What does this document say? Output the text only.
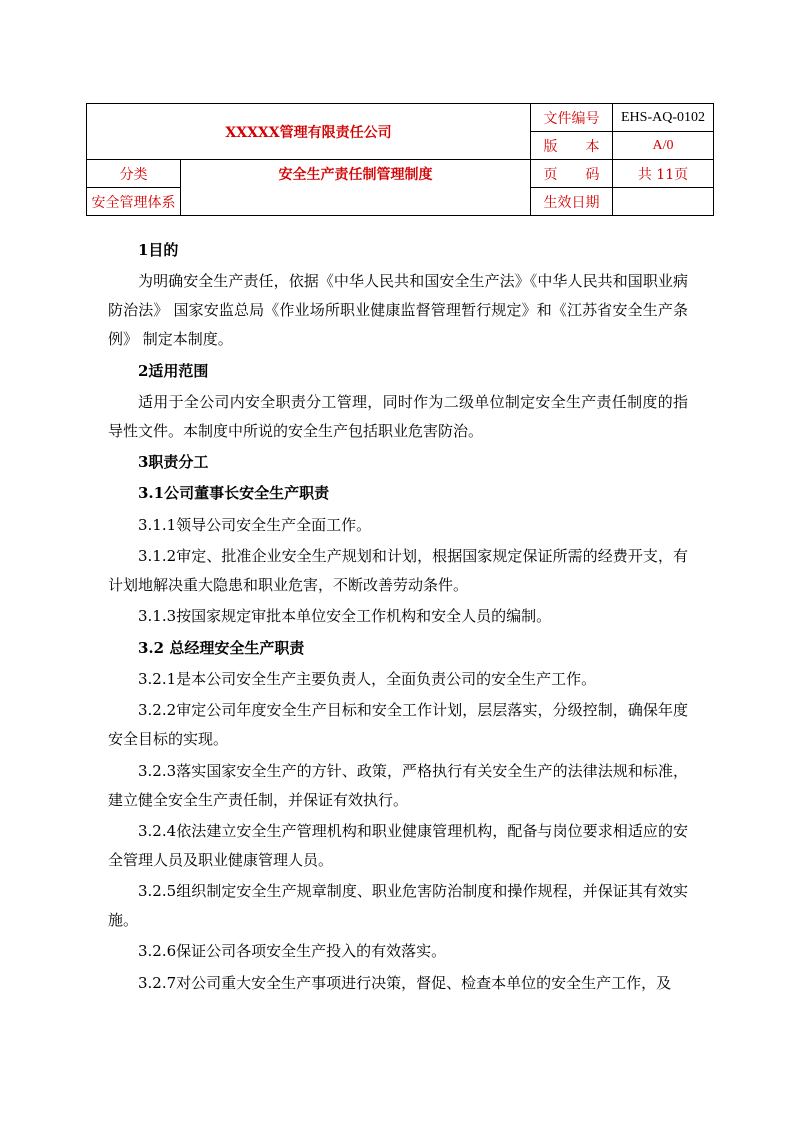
XXXXX管理有限责任公司		文件编号	EHS-AQ-0102
		版　　本	A/0
分类	安全生产责任制管理制度	页　　码	共 11页
安全管理体系		生效日期	

1目的

为明确安全生产责任，依据《中华人民共和国安全生产法》《中华人民共和国职业病防治法》 国家安监总局《作业场所职业健康监督管理暂行规定》和《江苏省安全生产条例》 制定本制度。

2适用范围

适用于全公司内安全职责分工管理，同时作为二级单位制定安全生产责任制度的指导性文件。本制度中所说的安全生产包括职业危害防治。

3职责分工

3.1公司董事长安全生产职责

3.1.1领导公司安全生产全面工作。

3.1.2审定、批准企业安全生产规划和计划，根据国家规定保证所需的经费开支，有计划地解决重大隐患和职业危害，不断改善劳动条件。

3.1.3按国家规定审批本单位安全工作机构和安全人员的编制。

3.2 总经理安全生产职责

3.2.1是本公司安全生产主要负责人，全面负责公司的安全生产工作。

3.2.2审定公司年度安全生产目标和安全工作计划，层层落实，分级控制，确保年度安全目标的实现。

3.2.3落实国家安全生产的方针、政策，严格执行有关安全生产的法律法规和标准，建立健全安全生产责任制，并保证有效执行。

3.2.4依法建立安全生产管理机构和职业健康管理机构，配备与岗位要求相适应的安全管理人员及职业健康管理人员。

3.2.5组织制定安全生产规章制度、职业危害防治制度和操作规程，并保证其有效实施。

3.2.6保证公司各项安全生产投入的有效落实。

3.2.7对公司重大安全生产事项进行决策，督促、检查本单位的安全生产工作，及
